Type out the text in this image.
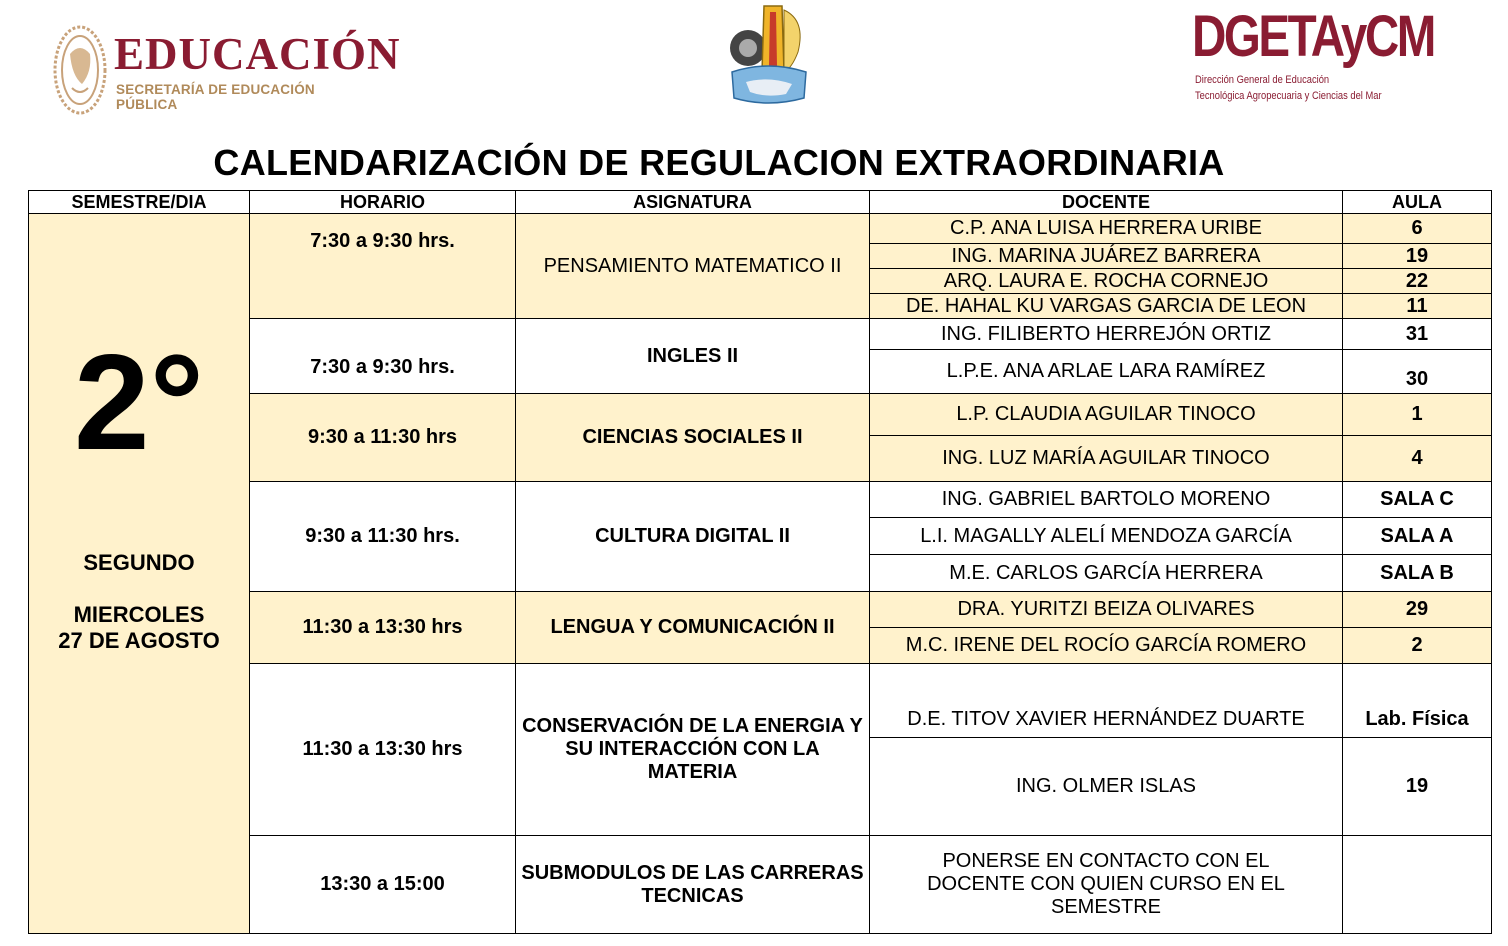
EDUCACIÓN
SECRETARÍA DE EDUCACIÓN PÚBLICA
DGETAyCM
Dirección General de Educación
Tecnológica Agropecuaria y Ciencias del Mar
CALENDARIZACIÓN DE REGULACION EXTRAORDINARIA
SEMESTRE/DIA	HORARIO	ASIGNATURA	DOCENTE	AULA

2°
SEGUNDO
MIERCOLES
27 DE AGOSTO	7:30 a 9:30 hrs.	PENSAMIENTO MATEMATICO II	C.P. ANA LUISA HERRERA URIBE	6
			ING. MARINA JUÁREZ BARRERA	19
			ARQ. LAURA E. ROCHA CORNEJO	22
			DE. HAHAL KU VARGAS GARCIA DE LEON	11
	7:30 a 9:30 hrs.	INGLES II	ING. FILIBERTO HERREJÓN ORTIZ	31
			L.P.E. ANA ARLAE LARA RAMÍREZ	30
	9:30 a 11:30 hrs	CIENCIAS SOCIALES II	L.P. CLAUDIA AGUILAR TINOCO	1
			ING. LUZ MARÍA AGUILAR TINOCO	4
	9:30 a 11:30 hrs.	CULTURA DIGITAL II	ING. GABRIEL BARTOLO MORENO	SALA C
			L.I. MAGALLY ALELÍ MENDOZA GARCÍA	SALA A
			M.E. CARLOS GARCÍA HERRERA	SALA B
	11:30 a 13:30 hrs	LENGUA Y COMUNICACIÓN II	DRA. YURITZI BEIZA OLIVARES	29
			M.C. IRENE DEL ROCÍO GARCÍA ROMERO	2
	11:30 a 13:30 hrs	CONSERVACIÓN DE LA ENERGIA Y SU INTERACCIÓN CON LA MATERIA	D.E. TITOV XAVIER HERNÁNDEZ DUARTE	Lab. Física
			ING. OLMER ISLAS	19
	13:30 a 15:00	SUBMODULOS DE LAS CARRERAS TECNICAS	PONERSE EN CONTACTO CON EL DOCENTE CON QUIEN CURSO EN EL SEMESTRE	
